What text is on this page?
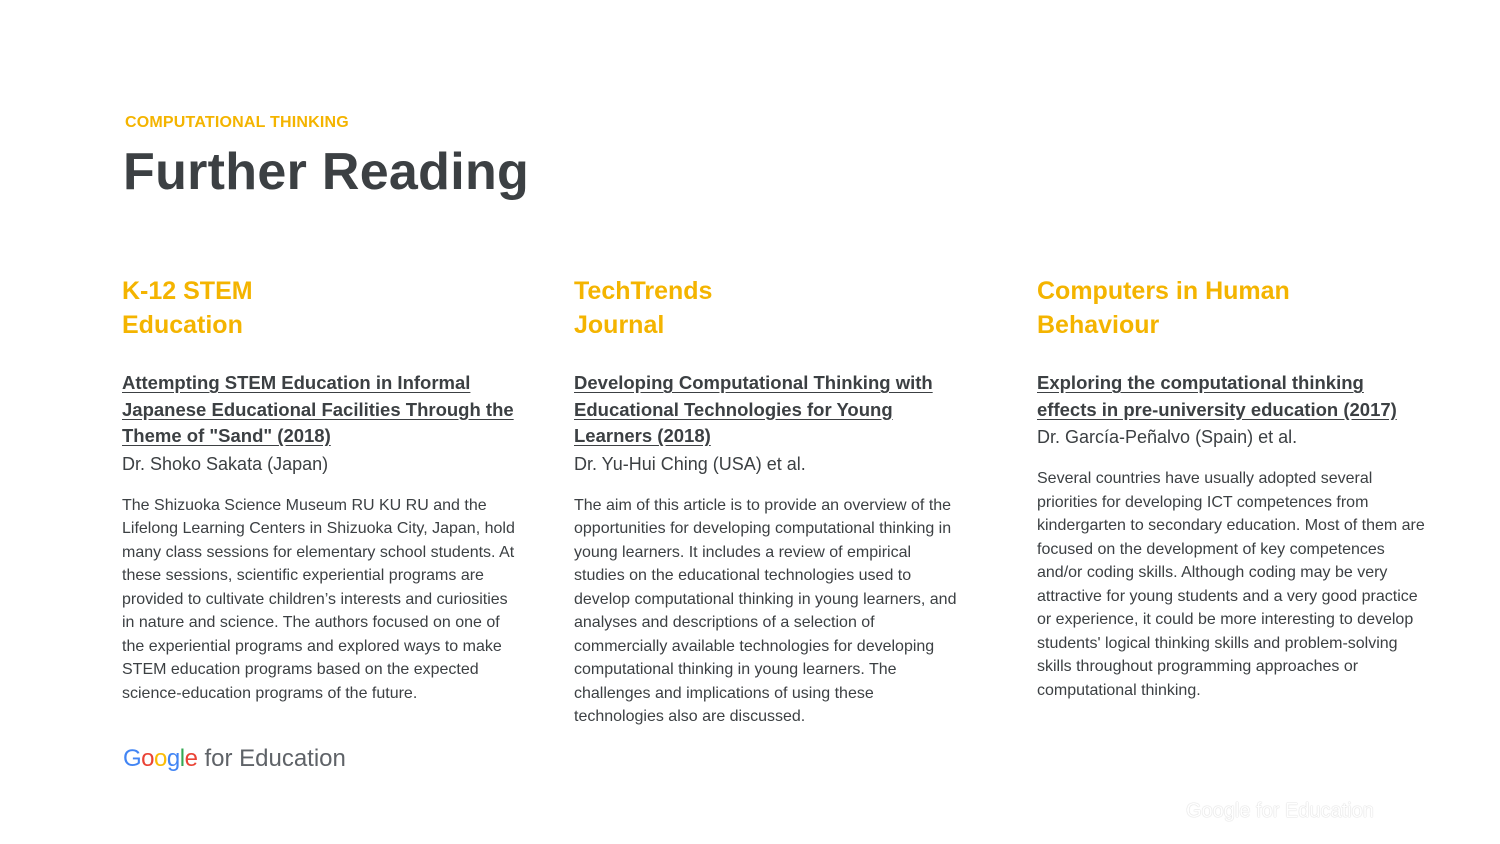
COMPUTATIONAL THINKING
Further Reading
K-12 STEM
Education
Attempting STEM Education in Informal Japanese Educational Facilities Through the Theme of "Sand" (2018)
Dr. Shoko Sakata (Japan)
The Shizuoka Science Museum RU KU RU and the Lifelong Learning Centers in Shizuoka City, Japan, hold many class sessions for elementary school students. At these sessions, scientific experiential programs are provided to cultivate children’s interests and curiosities in nature and science. The authors focused on one of the experiential programs and explored ways to make STEM education programs based on the expected science-education programs of the future.
TechTrends
Journal
Developing Computational Thinking with Educational Technologies for Young Learners (2018)
Dr. Yu-Hui Ching (USA) et al.
The aim of this article is to provide an overview of the opportunities for developing computational thinking in young learners. It includes a review of empirical studies on the educational technologies used to develop computational thinking in young learners, and analyses and descriptions of a selection of commercially available technologies for developing computational thinking in young learners. The challenges and implications of using these technologies also are discussed.
Computers in Human
Behaviour
Exploring the computational thinking effects in pre-university education (2017)
Dr. García-Peñalvo (Spain) et al.
Several countries have usually adopted several priorities for developing ICT competences from kindergarten to secondary education. Most of them are focused on the development of key competences and/or coding skills. Although coding may be very attractive for young students and a very good practice or experience, it could be more interesting to develop students' logical thinking skills and problem-solving skills throughout programming approaches or computational thinking.
Google for Education
Google for Education
